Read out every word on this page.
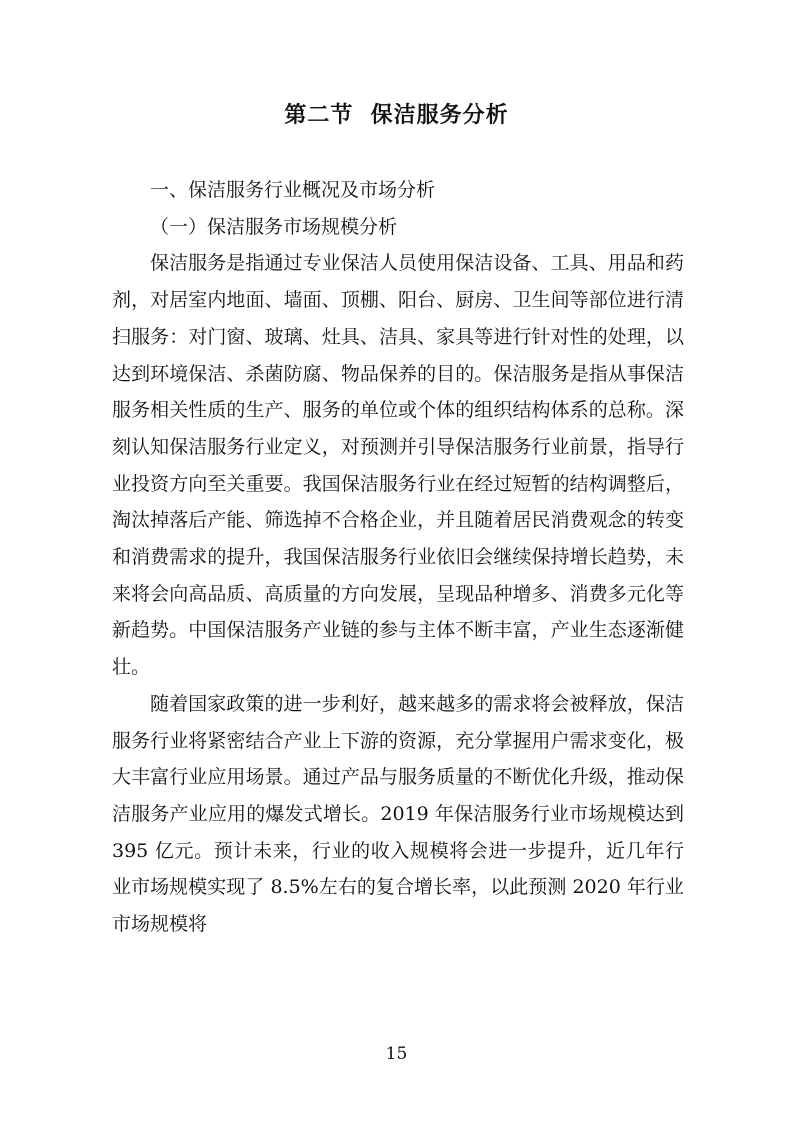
第二节  保洁服务分析

一、保洁服务行业概况及市场分析

（一）保洁服务市场规模分析

保洁服务是指通过专业保洁人员使用保洁设备、工具、用品和药剂，对居室内地面、墙面、顶棚、阳台、厨房、卫生间等部位进行清扫服务：对门窗、玻璃、灶具、洁具、家具等进行针对性的处理，以达到环境保洁、杀菌防腐、物品保养的目的。保洁服务是指从事保洁服务相关性质的生产、服务的单位或个体的组织结构体系的总称。深刻认知保洁服务行业定义，对预测并引导保洁服务行业前景，指导行业投资方向至关重要。我国保洁服务行业在经过短暂的结构调整后，淘汰掉落后产能、筛选掉不合格企业，并且随着居民消费观念的转变和消费需求的提升，我国保洁服务行业依旧会继续保持增长趋势，未来将会向高品质、高质量的方向发展，呈现品种增多、消费多元化等新趋势。中国保洁服务产业链的参与主体不断丰富，产业生态逐渐健壮。

随着国家政策的进一步利好，越来越多的需求将会被释放，保洁服务行业将紧密结合产业上下游的资源，充分掌握用户需求变化，极大丰富行业应用场景。通过产品与服务质量的不断优化升级，推动保洁服务产业应用的爆发式增长。2019 年保洁服务行业市场规模达到 395 亿元。预计未来，行业的收入规模将会进一步提升，近几年行业市场规模实现了 8.5%左右的复合增长率，以此预测 2020 年行业市场规模将

15
